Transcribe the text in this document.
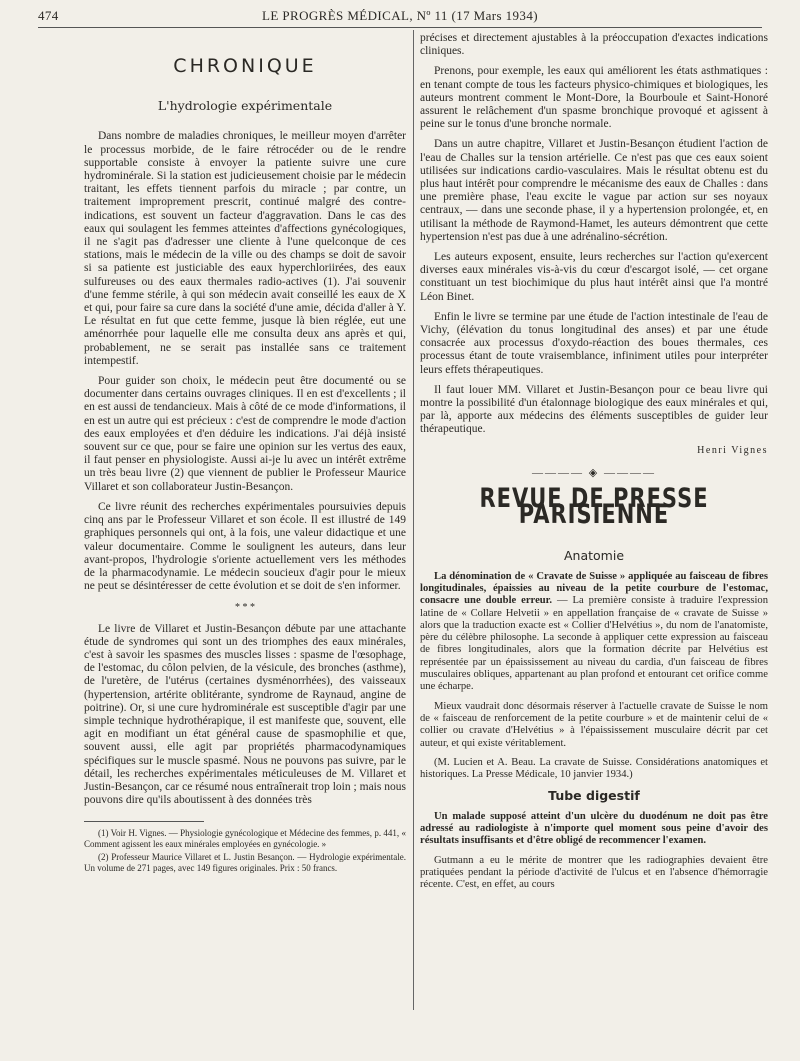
474	LE PROGRÈS MÉDICAL, Nº 11 (17 Mars 1934)
CHRONIQUE
L'hydrologie expérimentale

Dans nombre de maladies chroniques, le meilleur moyen d'arrêter le processus morbide, de le faire rétrocéder ou de le rendre supportable consiste à envoyer la patiente suivre une cure hydrominérale. Si la station est judicieusement choisie par le médecin traitant, les effets tiennent parfois du miracle ; par contre, un traitement improprement prescrit, continué malgré des contre-indications, est souvent un facteur d'aggravation. Dans le cas des eaux qui soulagent les femmes atteintes d'affections gynécologiques, il ne s'agit pas d'adresser une cliente à l'une quelconque de ces stations, mais le médecin de la ville ou des champs se doit de savoir si sa patiente est justiciable des eaux hyperchloriirées, des eaux sulfureuses ou des eaux thermales radio-actives (1). J'ai souvenir d'une femme stérile, à qui son médecin avait conseillé les eaux de X et qui, pour faire sa cure dans la société d'une amie, décida d'aller à Y. Le résultat en fut que cette femme, jusque là bien réglée, eut une aménorrhée pour laquelle elle me consulta deux ans après et qui, probablement, ne se serait pas installée sans ce traitement intempestif.

Pour guider son choix, le médecin peut être documenté ou se documenter dans certains ouvrages cliniques. Il en est d'excellents ; il en est aussi de tendancieux. Mais à côté de ce mode d'informations, il en est un autre qui est précieux : c'est de comprendre le mode d'action des eaux employées et d'en déduire les indications. J'ai déjà insisté souvent sur ce que, pour se faire une opinion sur les vertus des eaux, il faut penser en physiologiste. Aussi ai-je lu avec un intérêt extrême un très beau livre (2) que viennent de publier le Professeur Maurice Villaret et son collaborateur Justin-Besançon.

Ce livre réunit des recherches expérimentales poursuivies depuis cinq ans par le Professeur Villaret et son école. Il est illustré de 149 graphiques personnels qui ont, à la fois, une valeur didactique et une valeur documentaire. Comme le soulignent les auteurs, dans leur avant-propos, l'hydrologie s'oriente actuellement vers les méthodes de la pharmacodynamie. Le médecin soucieux d'agir pour le mieux ne peut se désintéresser de cette évolution et se doit de s'en informer.

* * *

Le livre de Villaret et Justin-Besançon débute par une attachante étude de syndromes qui sont un des triomphes des eaux minérales, c'est à savoir les spasmes des muscles lisses : spasme de l'œsophage, de l'estomac, du côlon pelvien, de la vésicule, des bronches (asthme), de l'uretère, de l'utérus (certaines dysménorrhées), des vaisseaux (hypertension, artérite oblitérante, syndrome de Raynaud, angine de poitrine). Or, si une cure hydrominérale est susceptible d'agir par une simple technique hydrothérapique, il est manifeste que, souvent, elle agit en modifiant un état général cause de spasmophilie et que, souvent aussi, elle agit par propriétés pharmacodynamiques spécifiques sur le muscle spasmé. Nous ne pouvons pas suivre, par le détail, les recherches expérimentales méticuleuses de M. Villaret et Justin-Besançon, car ce résumé nous entraînerait trop loin ; mais nous pouvons dire qu'ils aboutissent à des données très

(1) Voir H. Vignes. — Physiologie gynécologique et Médecine des femmes, p. 441, « Comment agissent les eaux minérales employées en gynécologie. »

(2) Professeur Maurice Villaret et L. Justin Besançon. — Hydrologie expérimentale. Un volume de 271 pages, avec 149 figures originales. Prix : 50 francs.

précises et directement ajustables à la préoccupation d'exactes indications cliniques.

Prenons, pour exemple, les eaux qui améliorent les états asthmatiques : en tenant compte de tous les facteurs physico-chimiques et biologiques, les auteurs montrent comment le Mont-Dore, la Bourboule et Saint-Honoré assurent le relâchement d'un spasme bronchique provoqué et agissent à peine sur le tonus d'une bronche normale.

Dans un autre chapitre, Villaret et Justin-Besançon étudient l'action de l'eau de Challes sur la tension artérielle. Ce n'est pas que ces eaux soient utilisées sur indications cardio-vasculaires. Mais le résultat obtenu est du plus haut intérêt pour comprendre le mécanisme des eaux de Challes : dans une première phase, l'eau excite le vague par action sur ses noyaux centraux, — dans une seconde phase, il y a hypertension prolongée, et, en utilisant la méthode de Raymond-Hamet, les auteurs démontrent que cette hypertension n'est pas due à une adrénalino-sécrétion.

Les auteurs exposent, ensuite, leurs recherches sur l'action qu'exercent diverses eaux minérales vis-à-vis du cœur d'escargot isolé, — cet organe constituant un test biochimique du plus haut intérêt ainsi que l'a montré Léon Binet.

Enfin le livre se termine par une étude de l'action intestinale de l'eau de Vichy, (élévation du tonus longitudinal des anses) et par une étude consacrée aux processus d'oxydo-réaction des boues thermales, ces processus étant de toute vraisemblance, infiniment utiles pour interpréter leurs effets thérapeutiques.

Il faut louer MM. Villaret et Justin-Besançon pour ce beau livre qui montre la possibilité d'un étalonnage biologique des eaux minérales et qui, par là, apporte aux médecins des éléments susceptibles de guider leur thérapeutique.

Henri Vignes
———— ◈ ————
REVUE DE PRESSE PARISIENNE
Anatomie

La dénomination de « Cravate de Suisse » appliquée au faisceau de fibres longitudinales, épaissies au niveau de la petite courbure de l'estomac, consacre une double erreur. — La première consiste à traduire l'expression latine de « Collare Helvetii » en appellation française de « cravate de Suisse » alors que la traduction exacte est « Collier d'Helvétius », du nom de l'anatomiste, père du célèbre philosophe. La seconde à appliquer cette expression au faisceau de fibres longitudinales, alors que la formation décrite par Helvétius est représentée par un épaississement au niveau du cardia, d'un faisceau de fibres musculaires obliques, appartenant au plan profond et entourant cet orifice comme une écharpe.

Mieux vaudrait donc désormais réserver à l'actuelle cravate de Suisse le nom de « faisceau de renforcement de la petite courbure » et de maintenir celui de « collier ou cravate d'Helvétius » à l'épaississement musculaire décrit par cet auteur, et qui existe véritablement.

(M. Lucien et A. Beau. La cravate de Suisse. Considérations anatomiques et historiques. La Presse Médicale, 10 janvier 1934.)

Tube digestif

Un malade supposé atteint d'un ulcère du duodénum ne doit pas être adressé au radiologiste à n'importe quel moment sous peine d'avoir des résultats insuffisants et d'être obligé de recommencer l'examen.

Gutmann a eu le mérite de montrer que les radiographies devaient être pratiquées pendant la période d'activité de l'ulcus et en l'absence d'hémorragie récente. C'est, en effet, au cours
